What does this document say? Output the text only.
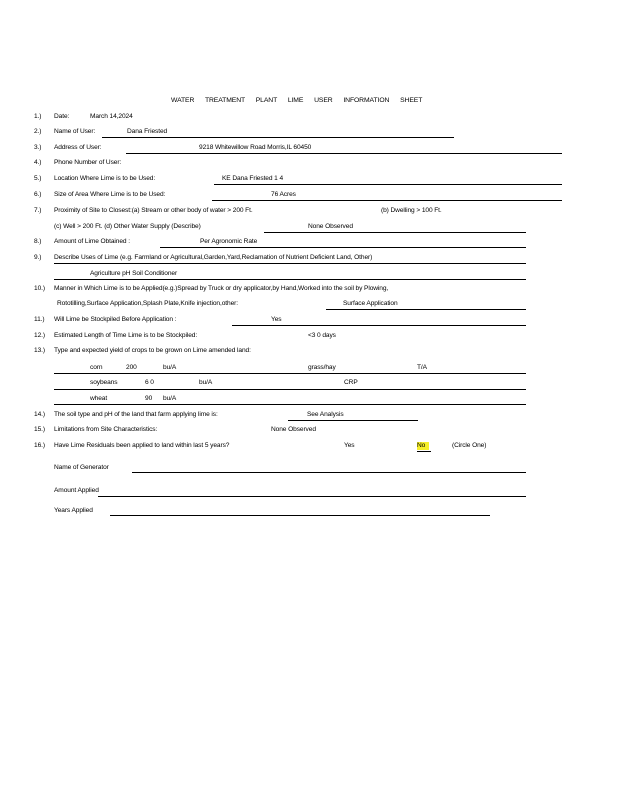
WATER TREATMENT PLANT LIME USER INFORMATION SHEET
1.) Date:	March 14,2024
2.) Name of User:	Dana Friested
3.) Address of User:	9218 Whitewillow Road Morris,IL 60450
4.) Phone Number of User:
5.) Location Where Lime is to be Used:	KE Dana Friested 1 4
6.) Size of Area Where Lime is to be Used:	76 Acres
7.) Proximity of Site to Closest:(a) Stream or other body of water > 200 Ft.	(b) Dwelling > 100 Ft.
(c) Well > 200 Ft. (d) Other Water Supply (Describe)	None Observed
8.) Amount of Lime Obtained :	Per Agronomic Rate
9.) Describe Uses of Lime (e.g. Farmland or Agricultural,Garden,Yard,Reclamation of Nutrient Deficient Land, Other)
Agriculture pH Soil Conditioner
10.) Manner in Which Lime is to be Applied(e.g.)Spread by Truck or dry applicator,by Hand,Worked into the soil by Plowing,
Rototilling,Surface Application,Splash Plate,Knife injection,other:	Surface Application
11.) Will Lime be Stockpiled Before Application :	Yes
12.) Estimated Length of Time Lime is to be Stockpiled:	<3 0 days
13.) Type and expected yield of crops to be grown on Lime amended land:
corn	200	bu/A	grass/hay	T/A
soybeans	6 0	bu/A	CRP
wheat	90 bu/A
14.) The soil type and pH of the land that farm applying lime is:	See Analysis
15.) Limitations from Site Characteristics:	None Observed
16.) Have Lime Residuals been applied to land within last 5 years?	Yes	No	(Circle One)
Name of Generator
Amount Applied
Years Applied
